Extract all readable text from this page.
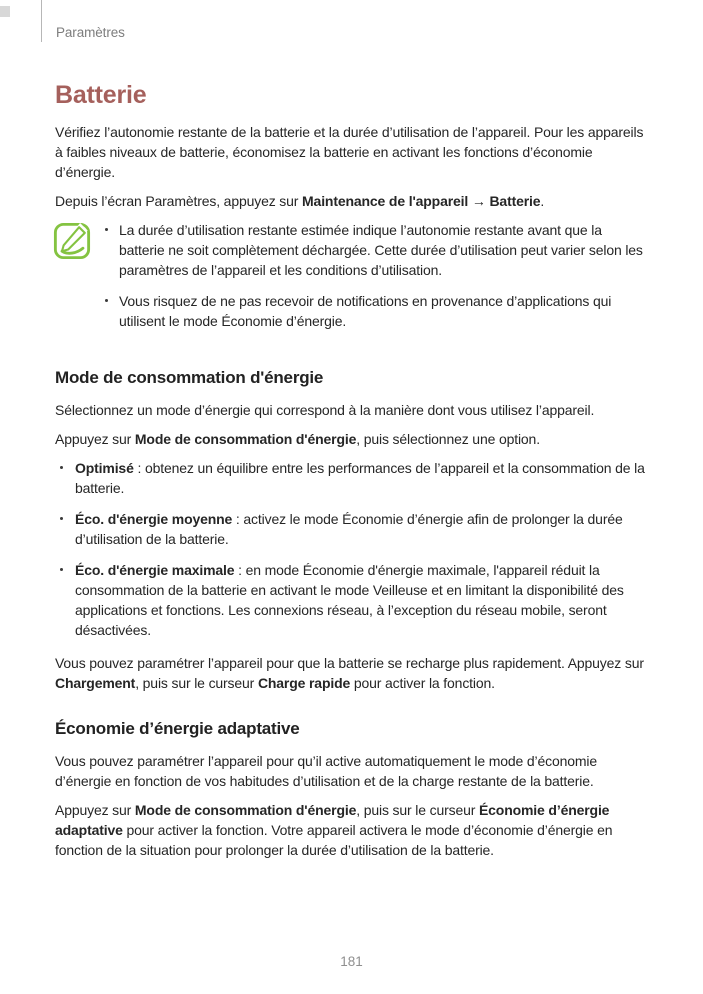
Paramètres
Batterie

Vérifiez l’autonomie restante de la batterie et la durée d’utilisation de l’appareil. Pour les appareils à faibles niveaux de batterie, économisez la batterie en activant les fonctions d’économie d’énergie.

Depuis l’écran Paramètres, appuyez sur Maintenance de l'appareil → Batterie.

La durée d’utilisation restante estimée indique l’autonomie restante avant que la batterie ne soit complètement déchargée. Cette durée d’utilisation peut varier selon les paramètres de l’appareil et les conditions d’utilisation.
Vous risquez de ne pas recevoir de notifications en provenance d’applications qui utilisent le mode Économie d’énergie.
Mode de consommation d'énergie

Sélectionnez un mode d’énergie qui correspond à la manière dont vous utilisez l’appareil.

Appuyez sur Mode de consommation d'énergie, puis sélectionnez une option.

Optimisé : obtenez un équilibre entre les performances de l’appareil et la consommation de la batterie.
Éco. d'énergie moyenne : activez le mode Économie d’énergie afin de prolonger la durée d’utilisation de la batterie.
Éco. d'énergie maximale : en mode Économie d'énergie maximale, l'appareil réduit la consommation de la batterie en activant le mode Veilleuse et en limitant la disponibilité des applications et fonctions. Les connexions réseau, à l’exception du réseau mobile, seront désactivées.

Vous pouvez paramétrer l’appareil pour que la batterie se recharge plus rapidement. Appuyez sur Chargement, puis sur le curseur Charge rapide pour activer la fonction.

Économie d’énergie adaptative

Vous pouvez paramétrer l’appareil pour qu’il active automatiquement le mode d’économie d’énergie en fonction de vos habitudes d’utilisation et de la charge restante de la batterie.

Appuyez sur Mode de consommation d'énergie, puis sur le curseur Économie d’énergie adaptative pour activer la fonction. Votre appareil activera le mode d’économie d’énergie en fonction de la situation pour prolonger la durée d’utilisation de la batterie.

181
